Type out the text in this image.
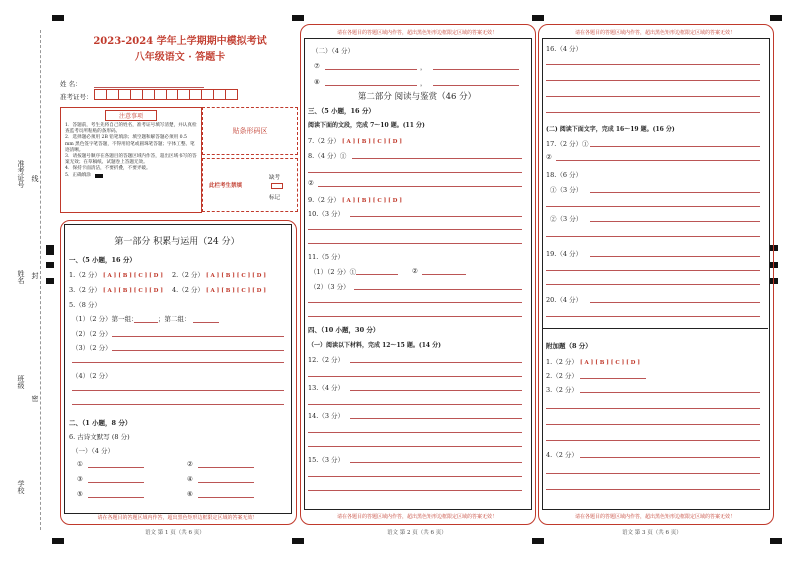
准考证号 线
姓名 封
班级
密
学校
2023-2024 学年上学期期中模拟考试
八年级语文 · 答题卡
姓 名：
准考证号：
注意事项
1．答题前，考生先将自己的姓名，准考证号填写清楚，并认真检查监考员所粘贴的条形码。
2．选择题必须用 2B 铅笔填涂；填空题和解答题必须用 0.5 mm 黑色签字笔答题，不得用铅笔或圆珠笔答题；字体工整、笔迹清晰。
3．请按题号顺序在各题目的答题区域内作答，超出区域书写的答案无效；在草稿纸、试题卷上答题无效。
4．保持卡面清洁，不要折叠，不要弄破。
5．正确填涂
贴条形码区
此栏考生禁填
缺考
标记
第一部分 积累与运用（24 分）
一、（5 小题，16 分）
1.（2 分） [ A ] [ B ] [ C ] [ D ] 2.（2 分） [ A ] [ B ] [ C ] [ D ]
3.（2 分） [ A ] [ B ] [ C ] [ D ] 4.（2 分） [ A ] [ B ] [ C ] [ D ]
5.（8 分）
（1）（2 分）第一组：	；第二组：
（2）（2 分）
（3）（2 分）
（4）（2 分）
二、（1 小题，8 分）
6. 古诗文默写 (8 分)
（一）（4 分）
①	②
③	④
⑤	⑥
请在各题目的答题区域内作答，超出黑色矩形边框限定区域的答案无效！
语文 第 1 页（共 6 页）
请在各题目的答题区域内作答，超出黑色矩形边框限定区域的答案无效！
（二）（4 分）
⑦	，
⑧	，
第二部分 阅读与鉴赏（46 分）
三、（5 小题，16 分）
阅读下面的文段，完成 7～10 题。(11 分)
7.（2 分） [ A ] [ B ] [ C ] [ D ]
8.（4 分）①
②
9.（2 分） [ A ] [ B ] [ C ] [ D ]
10.（3 分）
11.（5 分）
（1）（2 分）①	②
（2）（3 分）
四、（10 小题，30 分）
（一）阅读以下材料，完成 12～15 题。(14 分)
12.（2 分）
13.（4 分）
14.（3 分）
15.（3 分）
请在各题目的答题区域内作答，超出黑色矩形边框限定区域的答案无效！
语文 第 2 页（共 6 页）
请在各题目的答题区域内作答，超出黑色矩形边框限定区域的答案无效！
16.（4 分）
(二) 阅读下面文字，完成 16～19 题。(16 分)
17.（2 分）①
②
18.（6 分）
①（3 分）
②（3 分）
19.（4 分）
20.（4 分）
附加题（8 分）
1.（2 分） [ A ] [ B ] [ C ] [ D ]
2.（2 分）
3.（2 分）
4.（2 分）
请在各题目的答题区域内作答，超出黑色矩形边框限定区域的答案无效！
语文 第 3 页（共 6 页）
